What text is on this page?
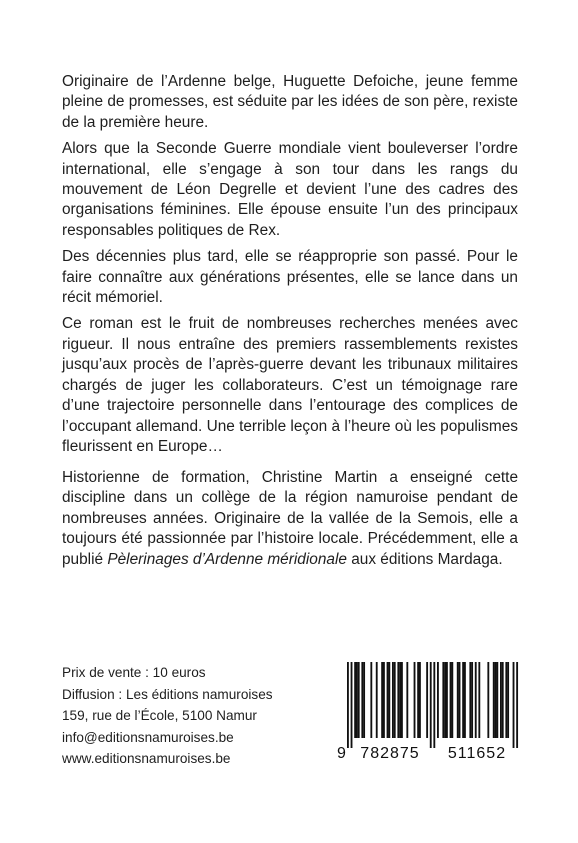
Originaire de l’Ardenne belge, Huguette Defoiche, jeune femme pleine de promesses, est séduite par les idées de son père, rexiste de la première heure.

Alors que la Seconde Guerre mondiale vient bouleverser l’ordre international, elle s’engage à son tour dans les rangs du mouvement de Léon Degrelle et devient l’une des cadres des organisations féminines. Elle épouse ensuite l’un des principaux responsables politiques de Rex.

Des décennies plus tard, elle se réapproprie son passé. Pour le faire connaître aux générations présentes, elle se lance dans un récit mémoriel.

Ce roman est le fruit de nombreuses recherches menées avec rigueur. Il nous entraîne des premiers rassemblements rexistes jusqu’aux procès de l’après-guerre devant les tribunaux militaires chargés de juger les collaborateurs. C’est un témoignage rare d’une trajectoire personnelle dans l’entourage des complices de l’occupant allemand. Une terrible leçon à l’heure où les populismes fleurissent en Europe…

Historienne de formation, Christine Martin a enseigné cette discipline dans un collège de la région namuroise pendant de nombreuses années. Originaire de la vallée de la Semois, elle a toujours été passionnée par l’histoire locale. Précédemment, elle a publié Pèlerinages d’Ardenne méridionale aux éditions Mardaga.

Prix de vente : 10 euros
Diffusion : Les éditions namuroises
159, rue de l’École, 5100 Namur
info@editionsnamuroises.be
www.editionsnamuroises.be	9 782875 511652
